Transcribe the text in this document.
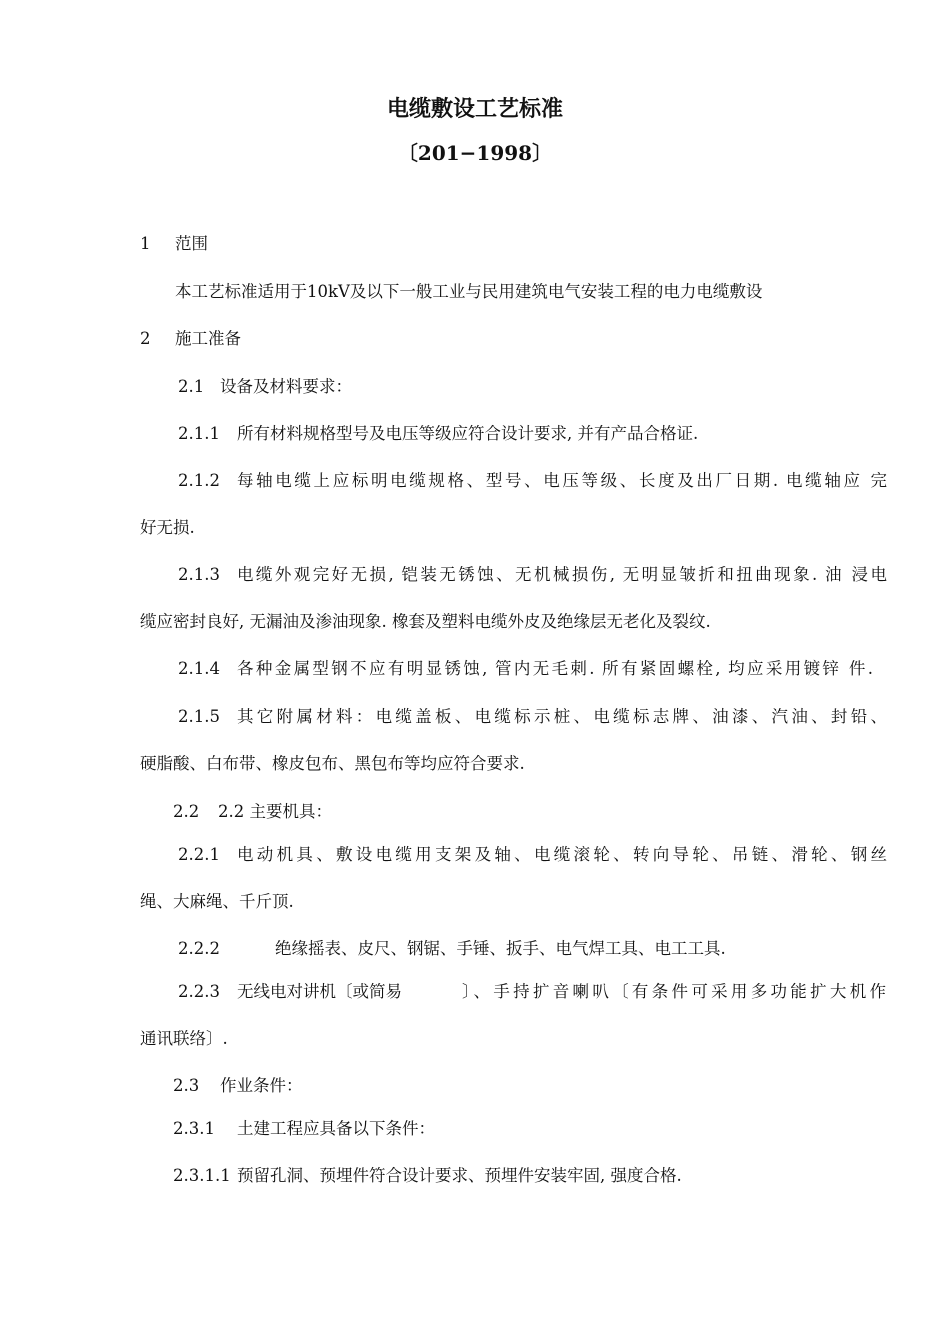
电缆敷设工艺标准
〔201−1998〕
1 范围
本工艺标准适用于10kV及以下一般工业与民用建筑电气安装工程的电力电缆敷设
2 施工准备
2.1 设备及材料要求：
2.1.1 所有材料规格型号及电压等级应符合设计要求, 并有产品合格证.
2.1.2 每轴电缆上应标明电缆规格、型号、电压等级、长度及出厂日期. 电缆轴应 完
好无损.
2.1.3 电缆外观完好无损, 铠装无锈蚀、无机械损伤, 无明显皱折和扭曲现象. 油 浸电
缆应密封良好, 无漏油及渗油现象. 橡套及塑料电缆外皮及绝缘层无老化及裂纹.
2.1.4 各种金属型钢不应有明显锈蚀, 管内无毛刺. 所有紧固螺栓, 均应采用镀锌 件.
2.1.5 其它附属材料：电缆盖板、电缆标示桩、电缆标志牌、油漆、汽油、封铅、
硬脂酸、白布带、橡皮包布、黑包布等均应符合要求.
2.2 2.2 主要机具：
2.2.1 电动机具、敷设电缆用支架及轴、电缆滚轮、转向导轮、吊链、滑轮、钢丝
绳、大麻绳、千斤顶.
2.2.2	绝缘摇表、皮尺、钢锯、手锤、扳手、电气焊工具、电工工具.
2.2.3 无线电对讲机〔或简易	〕、手持扩音喇叭〔有条件可采用多功能扩大机作
通讯联络〕.
2.3 作业条件：
2.3.1 土建工程应具备以下条件：
2.3.1.1 预留孔洞、预埋件符合设计要求、预埋件安装牢固, 强度合格.
